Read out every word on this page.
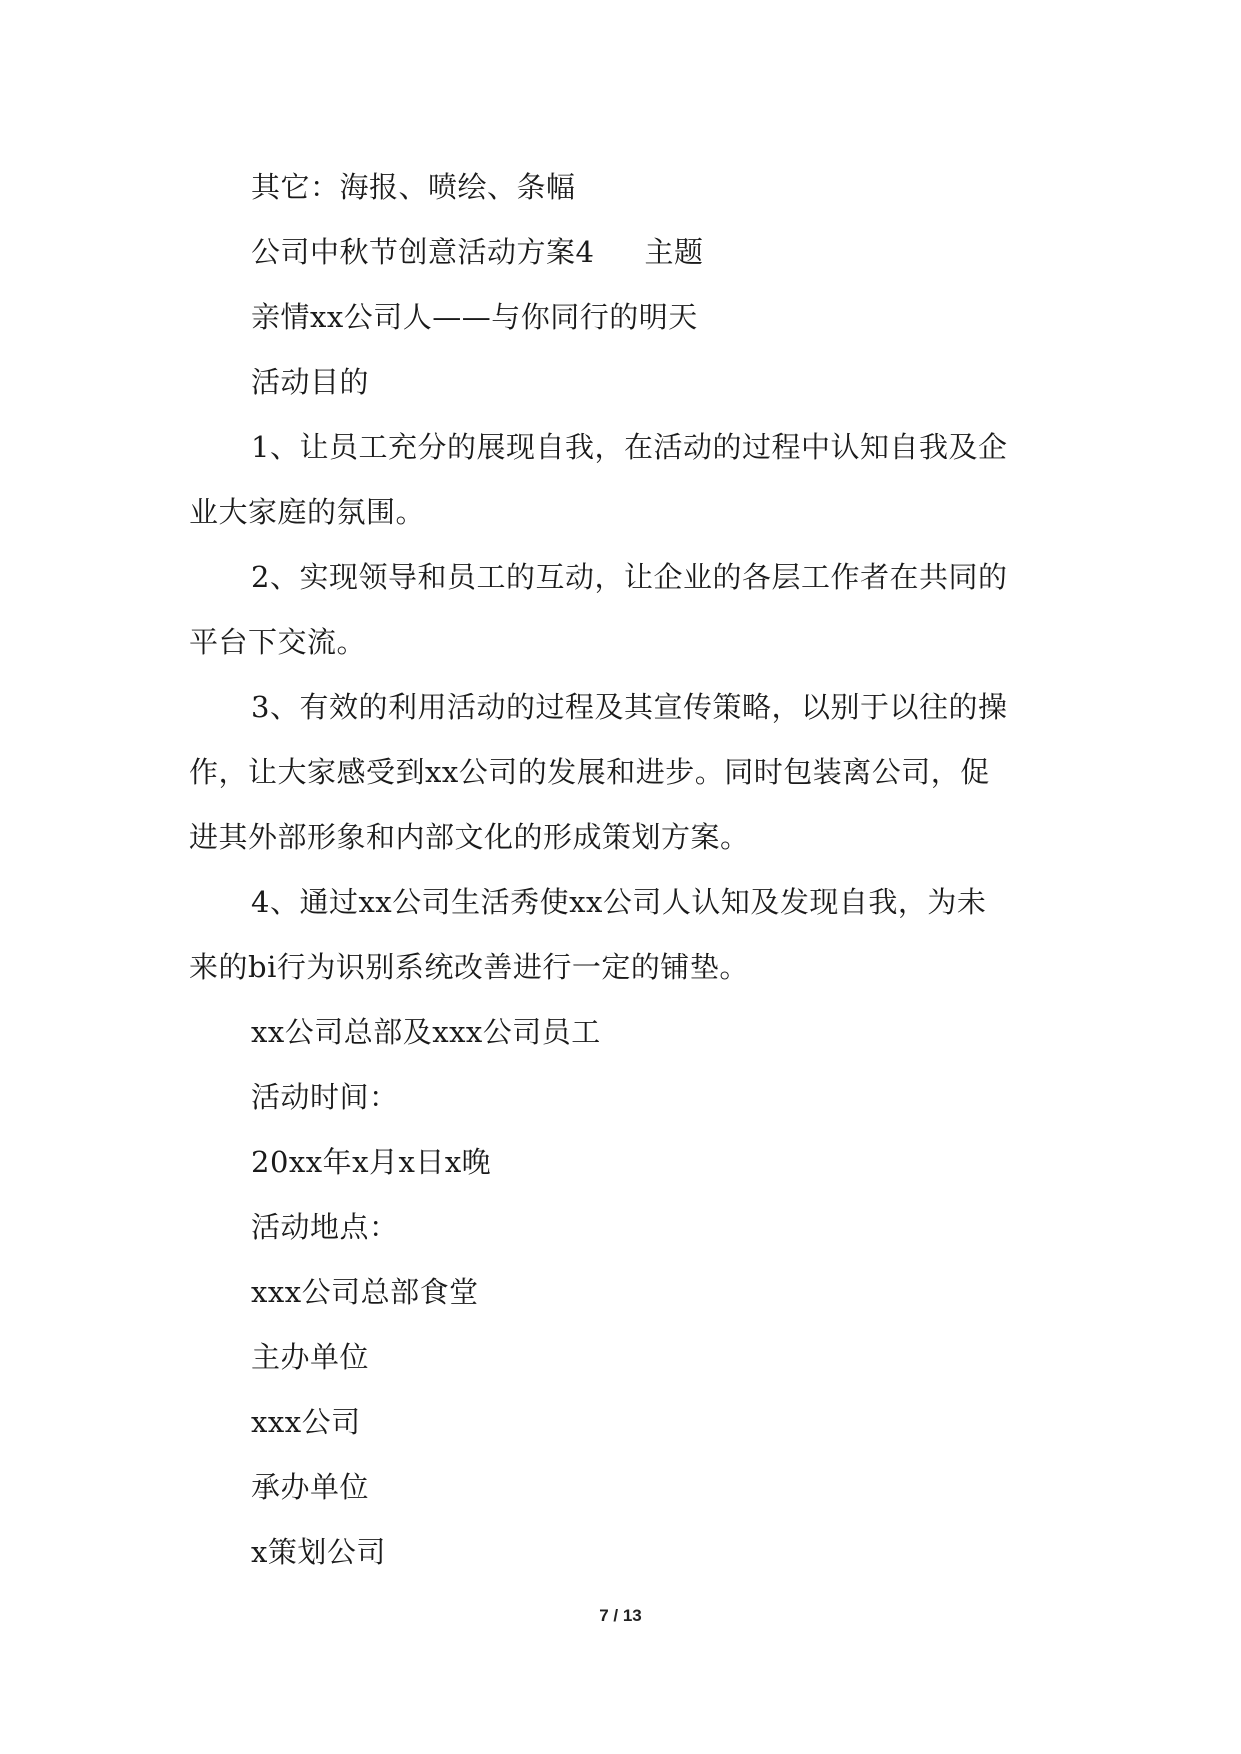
其它：海报、喷绘、条幅
公司中秋节创意活动方案4 主题
亲情xx公司人——与你同行的明天
活动目的
1、让员工充分的展现自我，在活动的过程中认知自我及企
业大家庭的氛围。
2、实现领导和员工的互动，让企业的各层工作者在共同的
平台下交流。
3、有效的利用活动的过程及其宣传策略，以别于以往的操
作，让大家感受到xx公司的发展和进步。同时包装离公司，促
进其外部形象和内部文化的形成策划方案。
4、通过xx公司生活秀使xx公司人认知及发现自我，为未
来的bi行为识别系统改善进行一定的铺垫。
xx公司总部及xxx公司员工
活动时间：
20xx年x月x日x晚
活动地点：
xxx公司总部食堂
主办单位
xxx公司
承办单位
x策划公司
7 / 13
